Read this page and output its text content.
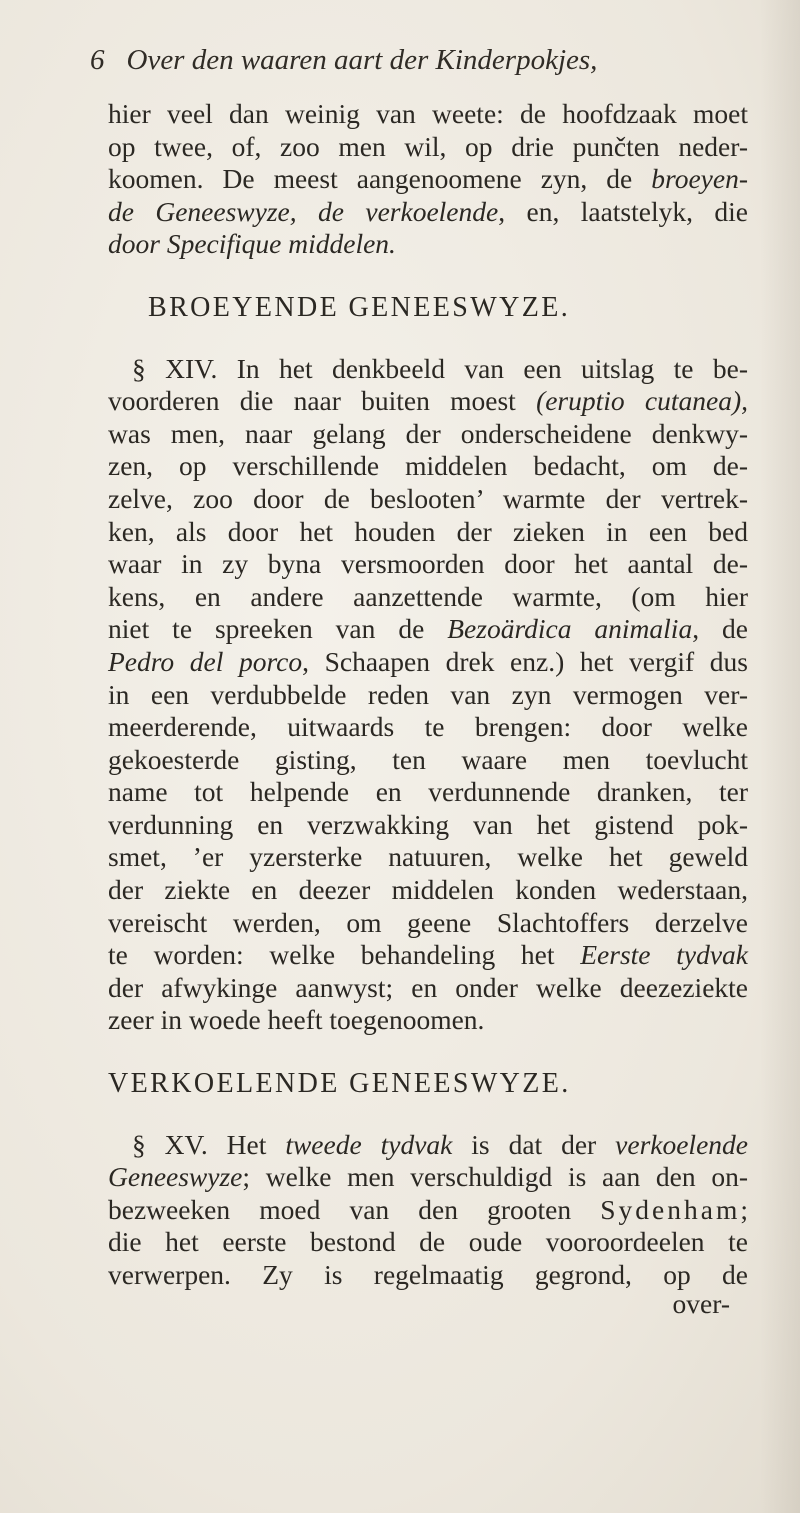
6 Over den waaren aart der Kinderpokjes,
hier veel dan weinig van weete: de hoofdzaak moet
op twee, of, zoo men wil, op drie punčten neder-
koomen. De meest aangenoomene zyn, de broeyen-
de Geneeswyze, de verkoelende, en, laatstelyk, die
door Specifique middelen.
BROEYENDE GENEESWYZE.
§ XIV. In het denkbeeld van een uitslag te be-
voorderen die naar buiten moest (eruptio cutanea),
was men, naar gelang der onderscheidene denkwy-
zen, op verschillende middelen bedacht, om de-
zelve, zoo door de beslooten’ warmte der vertrek-
ken, als door het houden der zieken in een bed
waar in zy byna versmoorden door het aantal de-
kens, en andere aanzettende warmte, (om hier
niet te spreeken van de Bezoärdica animalia, de
Pedro del porco, Schaapen drek enz.) het vergif dus
in een verdubbelde reden van zyn vermogen ver-
meerderende, uitwaards te brengen: door welke
gekoesterde gisting, ten waare men toevlucht
name tot helpende en verdunnende dranken, ter
verdunning en verzwakking van het gistend pok-
smet, ’er yzersterke natuuren, welke het geweld
der ziekte en deezer middelen konden wederstaan,
vereischt werden, om geene Slachtoffers derzelve
te worden: welke behandeling het Eerste tydvak
der afwykinge aanwyst; en onder welke deezeziekte
zeer in woede heeft toegenoomen.
VERKOELENDE GENEESWYZE.
§ XV. Het tweede tydvak is dat der verkoelende
Geneeswyze; welke men verschuldigd is aan den on-
bezweeken moed van den grooten Sydenham;
die het eerste bestond de oude vooroordeelen te
verwerpen. Zy is regelmaatig gegrond, op de
over-
